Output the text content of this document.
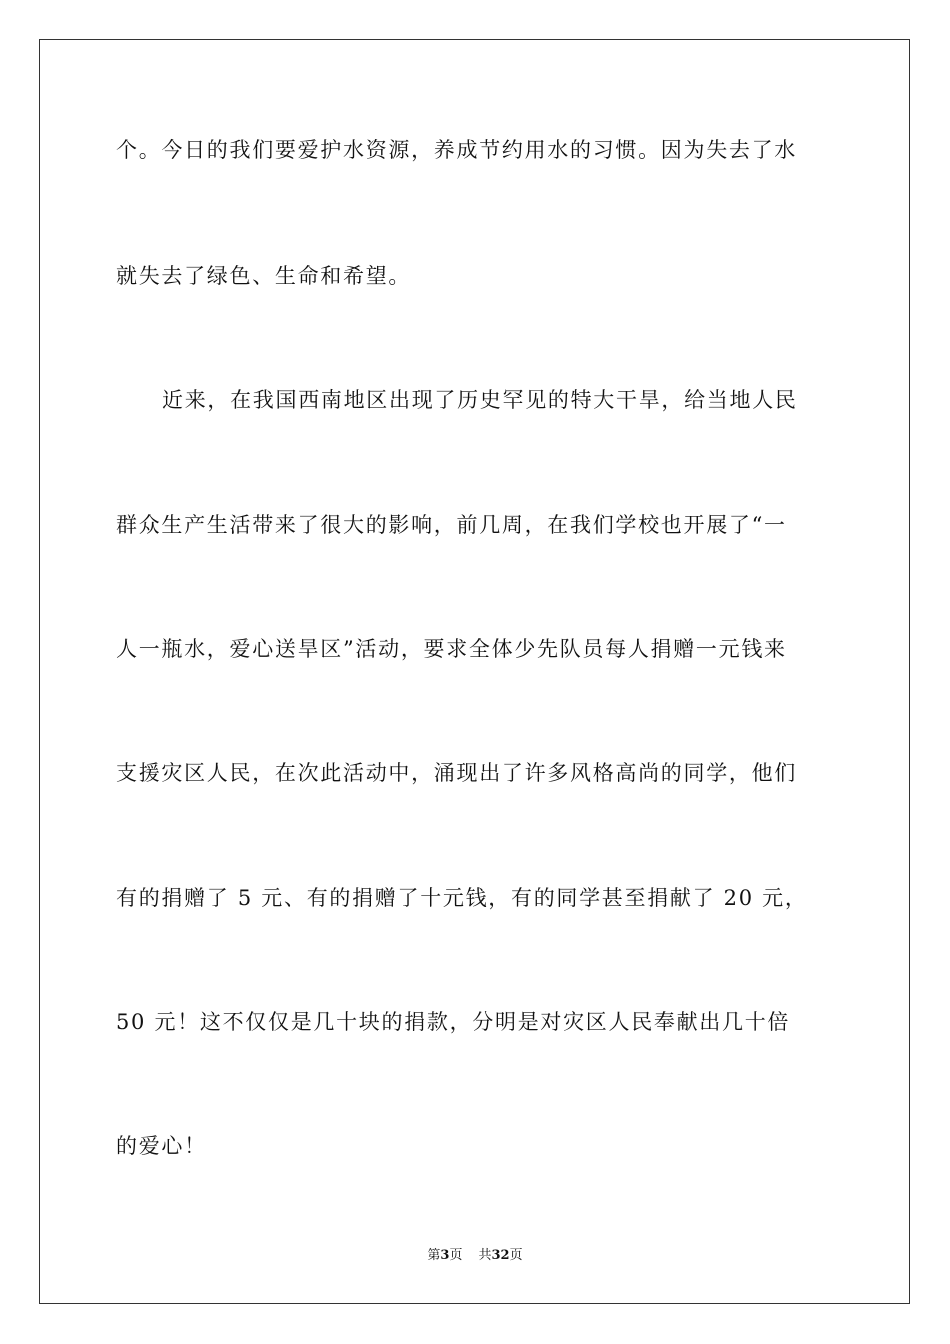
个。今日的我们要爱护水资源，养成节约用水的习惯。因为失去了水
就失去了绿色、生命和希望。
近来，在我国西南地区出现了历史罕见的特大干旱，给当地人民
群众生产生活带来了很大的影响，前几周，在我们学校也开展了“一
人一瓶水，爱心送旱区”活动，要求全体少先队员每人捐赠一元钱来
支援灾区人民，在次此活动中，涌现出了许多风格高尚的同学，他们
有的捐赠了 5 元、有的捐赠了十元钱，有的同学甚至捐献了 20 元，
50 元！这不仅仅是几十块的捐款，分明是对灾区人民奉献出几十倍
的爱心！
第3页 共32页
